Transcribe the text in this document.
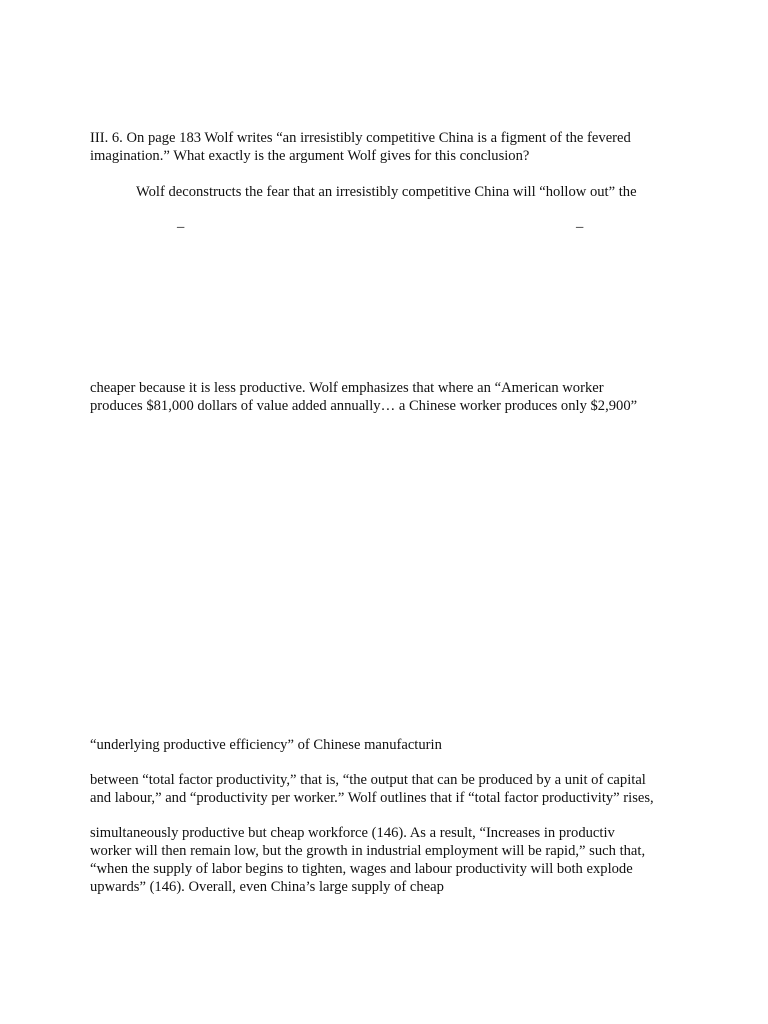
III. 6. On page 183 Wolf writes “an irresistibly competitive China is a figment of the fevered
imagination.” What exactly is the argument Wolf gives for this conclusion?
Wolf deconstructs the fear that an irresistibly competitive China will “hollow out” the
–	–
cheaper because it is less productive. Wolf emphasizes that where an “American worker
produces $81,000 dollars of value added annually… a Chinese worker produces only $2,900”
“underlying productive efficiency” of Chinese manufacturin
between “total factor productivity,” that is, “the output that can be produced by a unit of capital
and labour,” and “productivity per worker.” Wolf outlines that if “total factor productivity” rises,
simultaneously productive but cheap workforce (146). As a result, “Increases in productiv
worker will then remain low, but the growth in industrial employment will be rapid,” such that,
“when the supply of labor begins to tighten, wages and labour productivity will both explode
upwards” (146). Overall, even China’s large supply of cheap
